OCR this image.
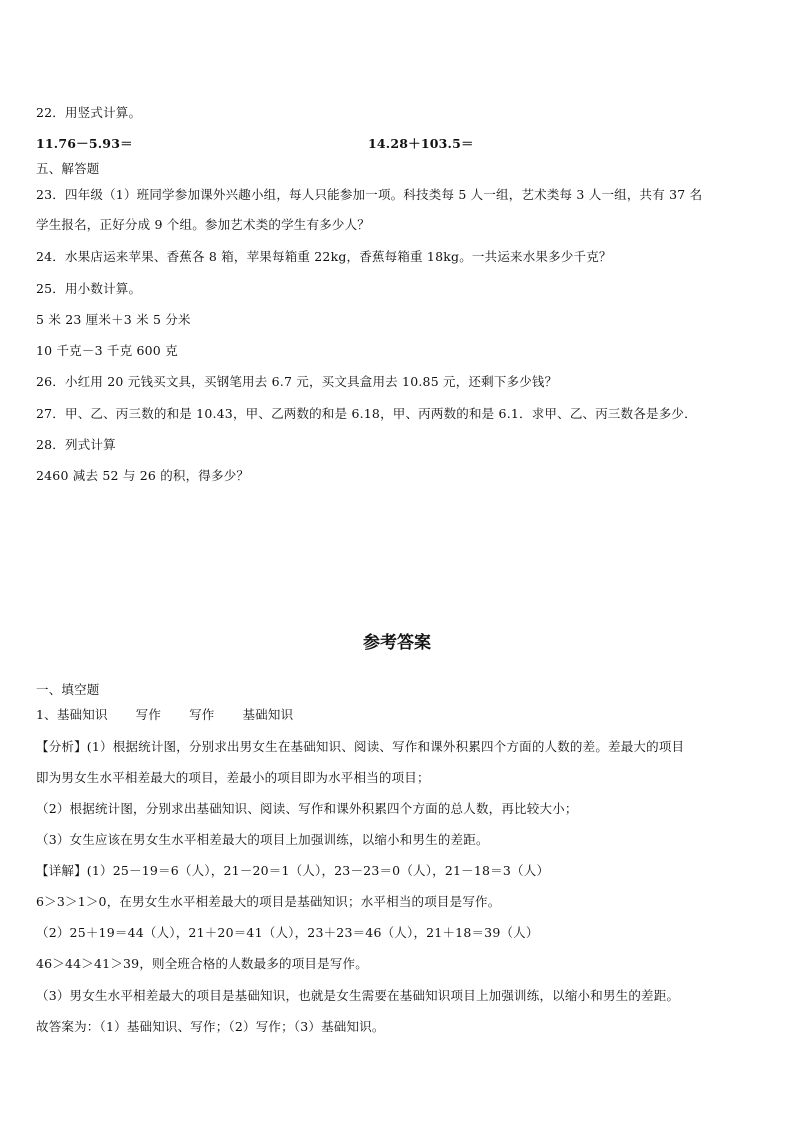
22．用竖式计算。
11.76－5.93＝	14.28＋103.5＝
五、解答题
23．四年级（1）班同学参加课外兴趣小组，每人只能参加一项。科技类每 5 人一组，艺术类每 3 人一组，共有 37 名
学生报名，正好分成 9 个组。参加艺术类的学生有多少人？
24．水果店运来苹果、香蕉各 8 箱，苹果每箱重 22kg，香蕉每箱重 18kg。一共运来水果多少千克？
25．用小数计算。
5 米 23 厘米＋3 米 5 分米
10 千克－3 千克 600 克
26．小红用 20 元钱买文具，买钢笔用去 6.7 元，买文具盒用去 10.85 元，还剩下多少钱？
27．甲、乙、丙三数的和是 10.43，甲、乙两数的和是 6.18，甲、丙两数的和是 6.1．求甲、乙、丙三数各是多少．
28．列式计算
2460 减去 52 与 26 的积，得多少？
参考答案
一、填空题
1、基础知识 写作 写作 基础知识
【分析】(1）根据统计图，分别求出男女生在基础知识、阅读、写作和课外积累四个方面的人数的差。差最大的项目
即为男女生水平相差最大的项目，差最小的项目即为水平相当的项目；
（2）根据统计图，分别求出基础知识、阅读、写作和课外积累四个方面的总人数，再比较大小；
（3）女生应该在男女生水平相差最大的项目上加强训练，以缩小和男生的差距。
【详解】(1）25－19＝6（人），21－20＝1（人），23－23＝0（人），21－18＝3（人）
6＞3＞1＞0，在男女生水平相差最大的项目是基础知识；水平相当的项目是写作。
（2）25＋19＝44（人），21＋20＝41（人），23＋23＝46（人），21＋18＝39（人）
46＞44＞41＞39，则全班合格的人数最多的项目是写作。
（3）男女生水平相差最大的项目是基础知识，也就是女生需要在基础知识项目上加强训练，以缩小和男生的差距。
故答案为：（1）基础知识、写作；（2）写作；（3）基础知识。
